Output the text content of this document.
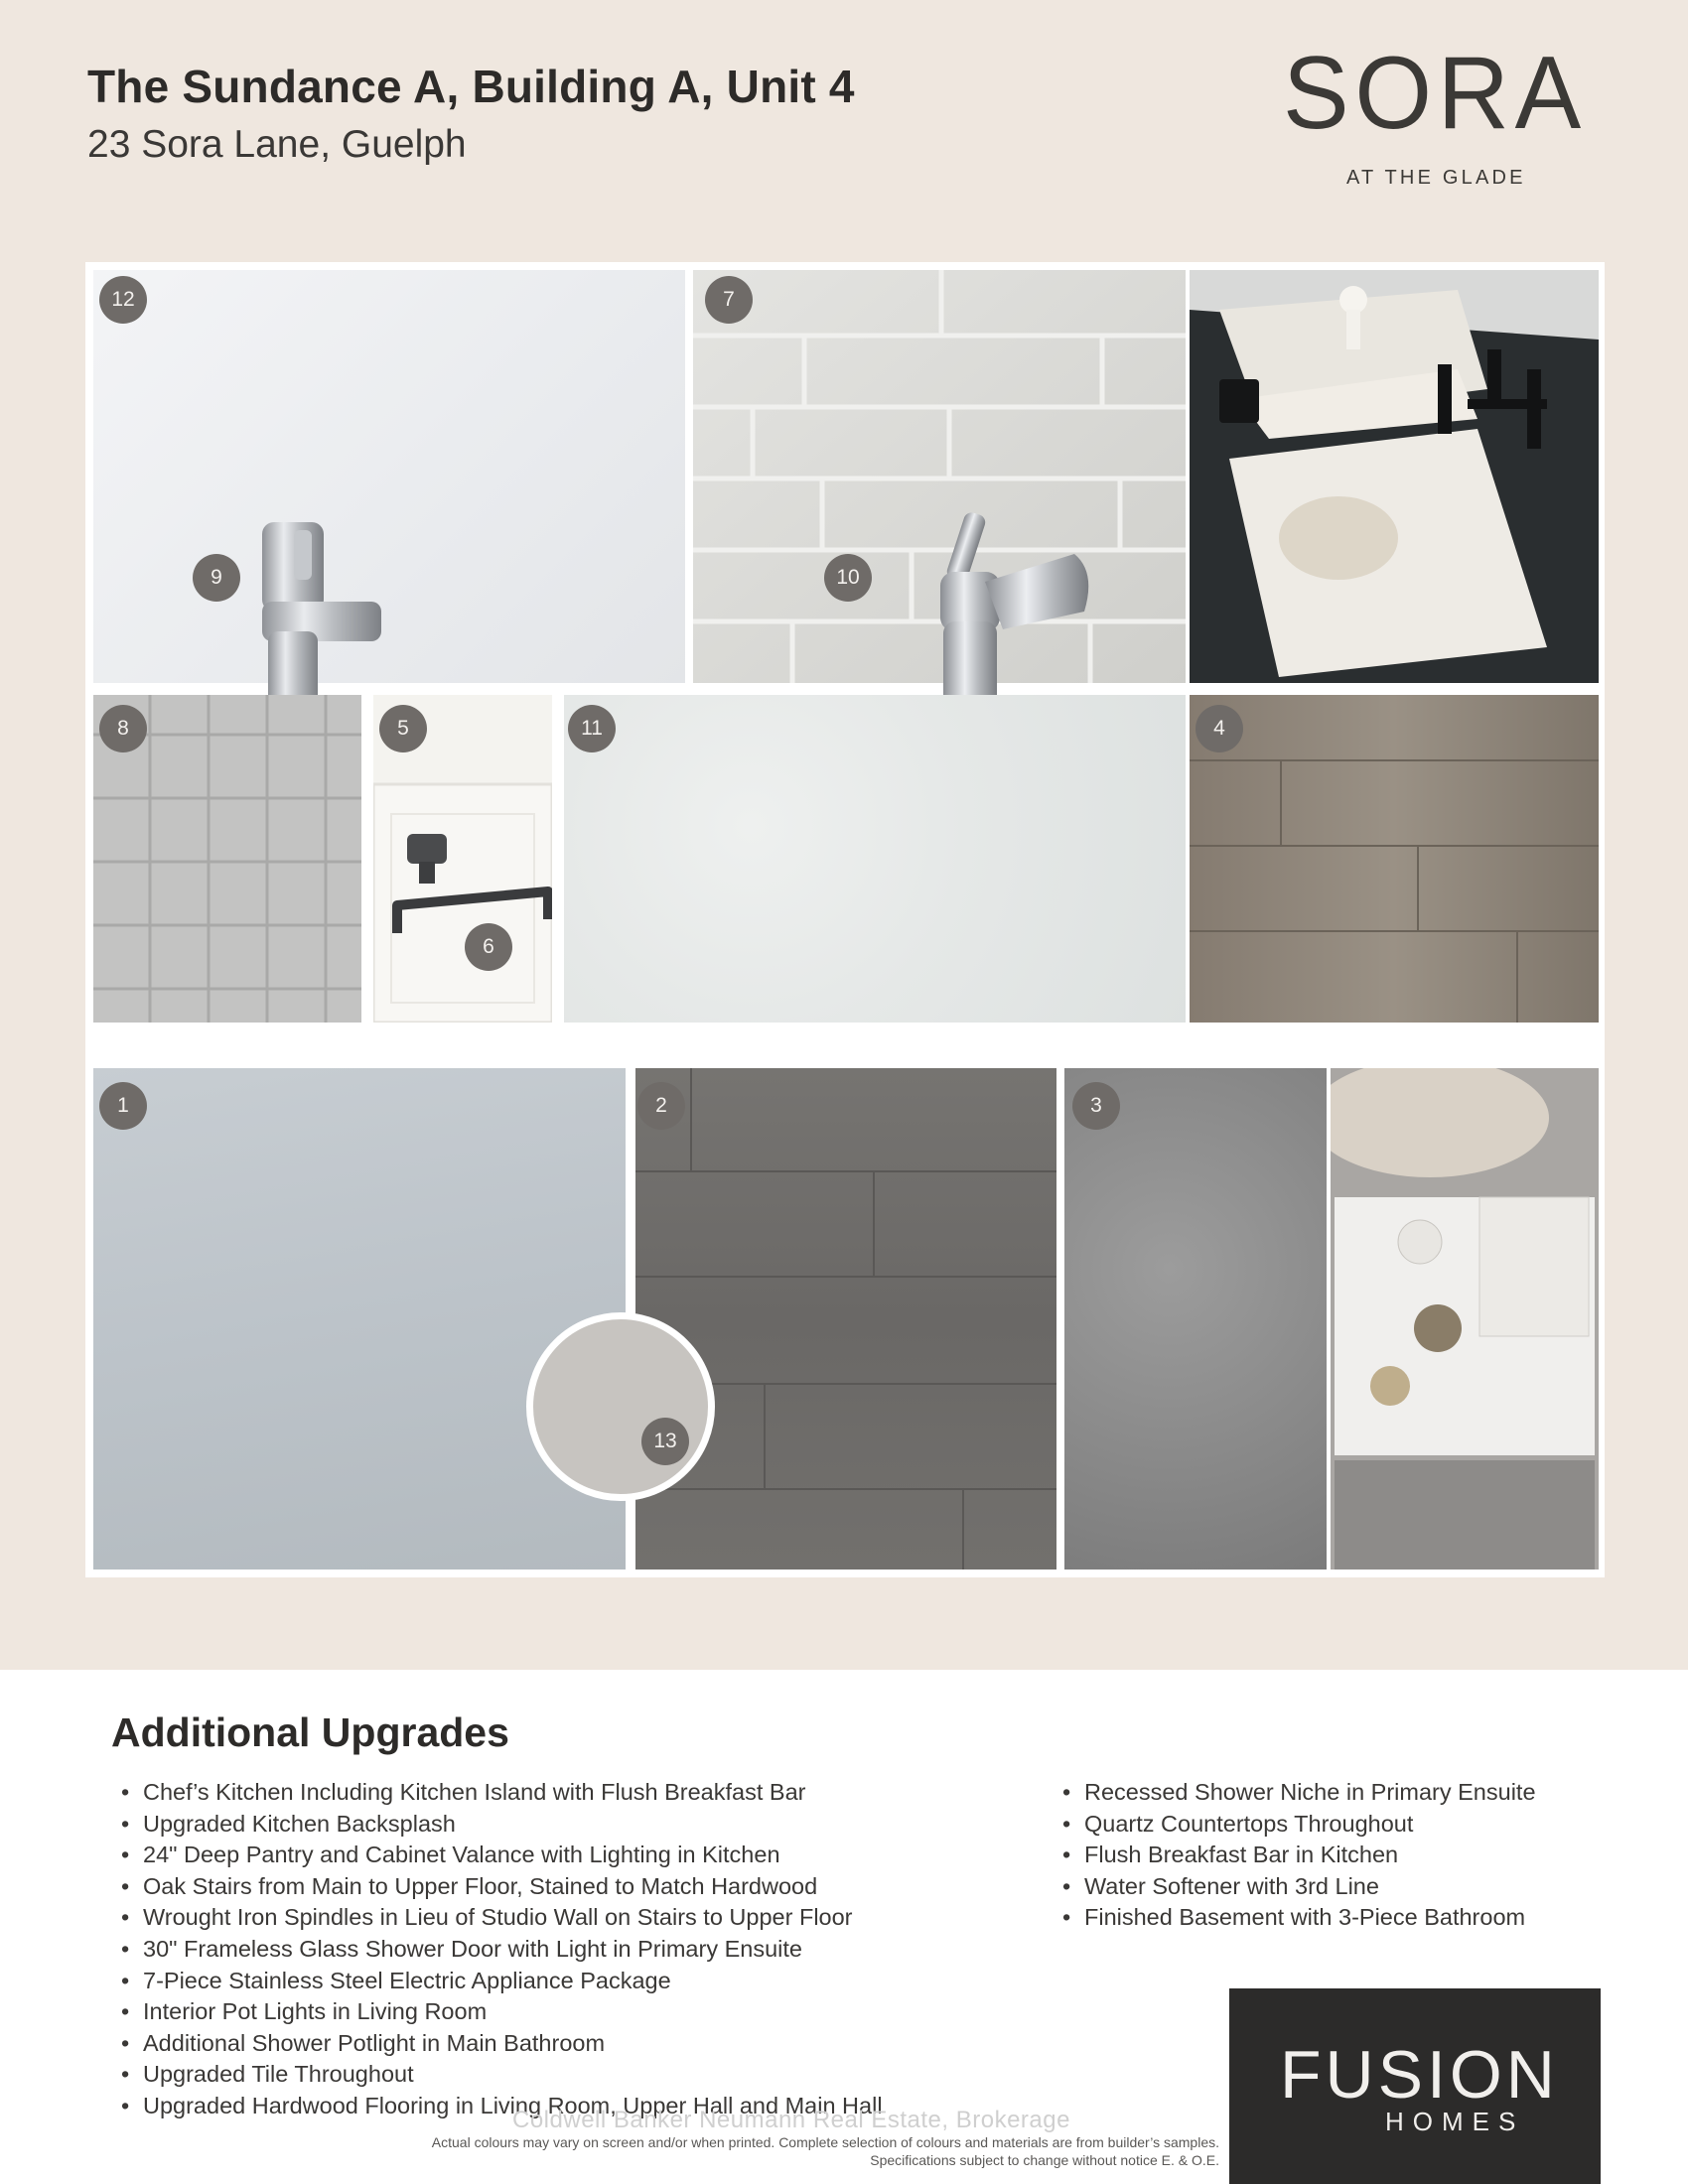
The Sundance A, Building A, Unit 4
23 Sora Lane, Guelph	SORA
AT THE GLADE
12	7
9	10
8	5	11	4
6
1	2	3
13
Additional Upgrades
• Chef’s Kitchen Including Kitchen Island with Flush Breakfast Bar
• Upgraded Kitchen Backsplash
• 24" Deep Pantry and Cabinet Valance with Lighting in Kitchen
• Oak Stairs from Main to Upper Floor, Stained to Match Hardwood
• Wrought Iron Spindles in Lieu of Studio Wall on Stairs to Upper Floor
• 30" Frameless Glass Shower Door with Light in Primary Ensuite
• 7-Piece Stainless Steel Electric Appliance Package
• Interior Pot Lights in Living Room
• Additional Shower Potlight in Main Bathroom
• Upgraded Tile Throughout
• Upgraded Hardwood Flooring in Living Room, Upper Hall and Main Hall
• Recessed Shower Niche in Primary Ensuite
• Quartz Countertops Throughout
• Flush Breakfast Bar in Kitchen
• Water Softener with 3rd Line
• Finished Basement with 3-Piece Bathroom
FUSION
HOMES
Coldwell Banker Neumann Real Estate, Brokerage
Actual colours may vary on screen and/or when printed. Complete selection of colours and materials are from builder’s samples.
Specifications subject to change without notice E. & O.E.
